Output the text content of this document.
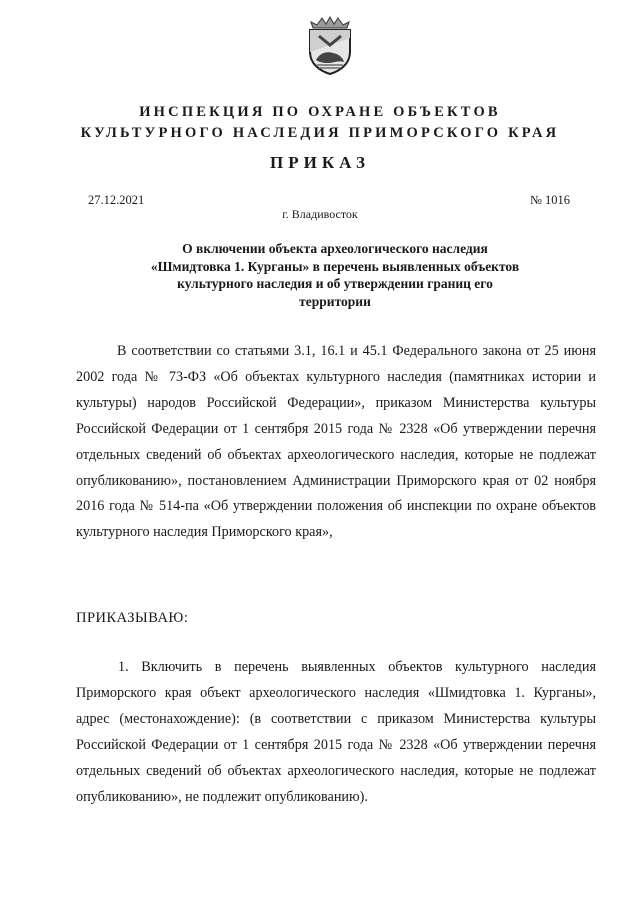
ИНСПЕКЦИЯ ПО ОХРАНЕ ОБЪЕКТОВ
КУЛЬТУРНОГО НАСЛЕДИЯ ПРИМОРСКОГО КРАЯ
ПРИКАЗ
27.12.2021	№ 1016
г. Владивосток
О включении объекта археологического наследия «Шмидтовка 1. Курганы» в перечень выявленных объектов культурного наследия и об утверждении границ его территории
В соответствии со статьями 3.1, 16.1 и 45.1 Федерального закона от 25 июня 2002 года № 73-ФЗ «Об объектах культурного наследия (памятниках истории и культуры) народов Российской Федерации», приказом Министерства культуры Российской Федерации от 1 сентября 2015 года № 2328 «Об утверждении перечня отдельных сведений об объектах археологического наследия, которые не подлежат опубликованию», постановлением Администрации Приморского края от 02 ноября 2016 года № 514-па «Об утверждении положения об инспекции по охране объектов культурного наследия Приморского края»,
ПРИКАЗЫВАЮ:
1. Включить в перечень выявленных объектов культурного наследия Приморского края объект археологического наследия «Шмидтовка 1. Курганы», адрес (местонахождение): (в соответствии с приказом Министерства культуры Российской Федерации от 1 сентября 2015 года № 2328 «Об утверждении перечня отдельных сведений об объектах археологического наследия, которые не подлежат опубликованию», не подлежит опубликованию).
